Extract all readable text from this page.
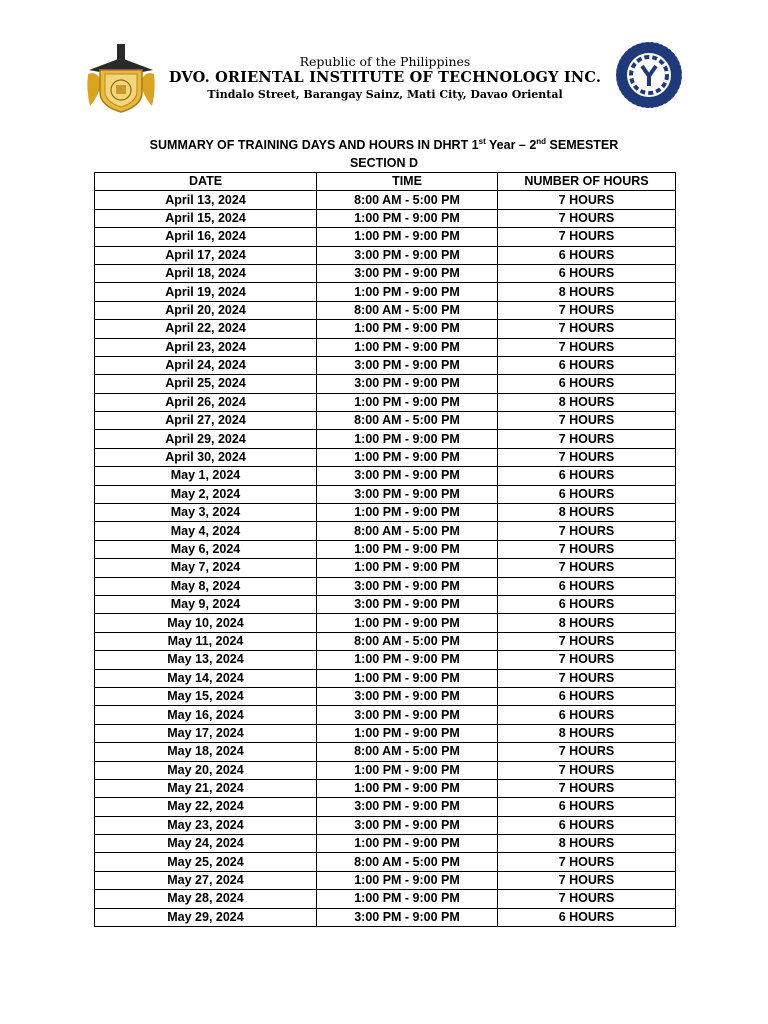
Republic of the Philippines
DVO. ORIENTAL INSTITUTE OF TECHNOLOGY INC.
Tindalo Street, Barangay Sainz, Mati City, Davao Oriental
SUMMARY OF TRAINING DAYS AND HOURS IN DHRT 1st Year – 2nd SEMESTER
SECTION D
DATE	TIME	NUMBER OF HOURS
April 13, 2024	8:00 AM - 5:00 PM	7 HOURS
April 15, 2024	1:00 PM - 9:00 PM	7 HOURS
April 16, 2024	1:00 PM - 9:00 PM	7 HOURS
April 17, 2024	3:00 PM - 9:00 PM	6 HOURS
April 18, 2024	3:00 PM - 9:00 PM	6 HOURS
April 19, 2024	1:00 PM - 9:00 PM	8 HOURS
April 20, 2024	8:00 AM - 5:00 PM	7 HOURS
April 22, 2024	1:00 PM - 9:00 PM	7 HOURS
April 23, 2024	1:00 PM - 9:00 PM	7 HOURS
April 24, 2024	3:00 PM - 9:00 PM	6 HOURS
April 25, 2024	3:00 PM - 9:00 PM	6 HOURS
April 26, 2024	1:00 PM - 9:00 PM	8 HOURS
April 27, 2024	8:00 AM - 5:00 PM	7 HOURS
April 29, 2024	1:00 PM - 9:00 PM	7 HOURS
April 30, 2024	1:00 PM - 9:00 PM	7 HOURS
May 1, 2024	3:00 PM - 9:00 PM	6 HOURS
May 2, 2024	3:00 PM - 9:00 PM	6 HOURS
May 3, 2024	1:00 PM - 9:00 PM	8 HOURS
May 4, 2024	8:00 AM - 5:00 PM	7 HOURS
May 6, 2024	1:00 PM - 9:00 PM	7 HOURS
May 7, 2024	1:00 PM - 9:00 PM	7 HOURS
May 8, 2024	3:00 PM - 9:00 PM	6 HOURS
May 9, 2024	3:00 PM - 9:00 PM	6 HOURS
May 10, 2024	1:00 PM - 9:00 PM	8 HOURS
May 11, 2024	8:00 AM - 5:00 PM	7 HOURS
May 13, 2024	1:00 PM - 9:00 PM	7 HOURS
May 14, 2024	1:00 PM - 9:00 PM	7 HOURS
May 15, 2024	3:00 PM - 9:00 PM	6 HOURS
May 16, 2024	3:00 PM - 9:00 PM	6 HOURS
May 17, 2024	1:00 PM - 9:00 PM	8 HOURS
May 18, 2024	8:00 AM - 5:00 PM	7 HOURS
May 20, 2024	1:00 PM - 9:00 PM	7 HOURS
May 21, 2024	1:00 PM - 9:00 PM	7 HOURS
May 22, 2024	3:00 PM - 9:00 PM	6 HOURS
May 23, 2024	3:00 PM - 9:00 PM	6 HOURS
May 24, 2024	1:00 PM - 9:00 PM	8 HOURS
May 25, 2024	8:00 AM - 5:00 PM	7 HOURS
May 27, 2024	1:00 PM - 9:00 PM	7 HOURS
May 28, 2024	1:00 PM - 9:00 PM	7 HOURS
May 29, 2024	3:00 PM - 9:00 PM	6 HOURS
